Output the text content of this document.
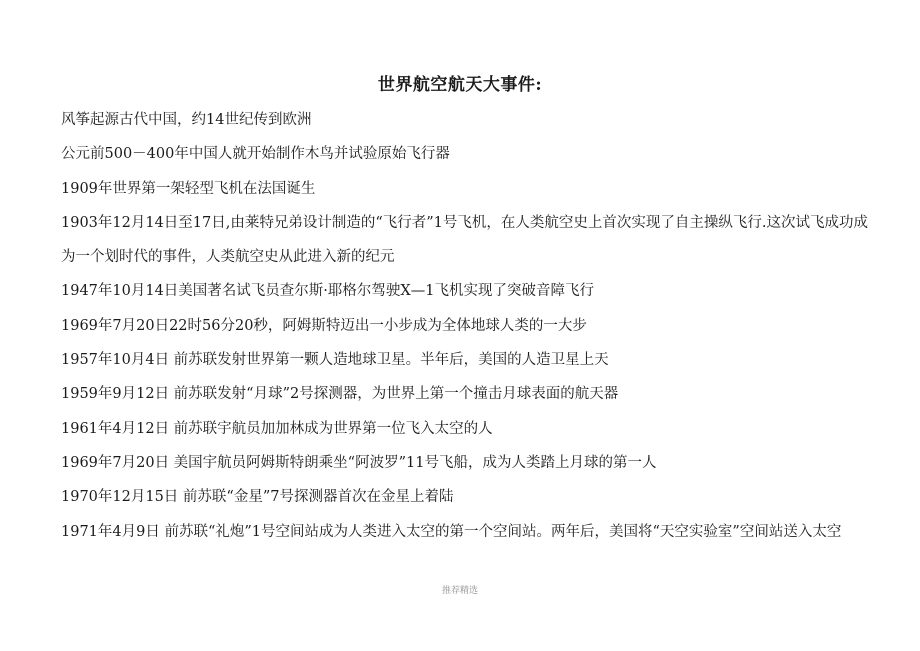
世界航空航天大事件:
风筝起源古代中国，约14世纪传到欧洲
公元前500－400年中国人就开始制作木鸟并试验原始飞行器
1909年世界第一架轻型飞机在法国诞生
1903年12月14日至17日,由莱特兄弟设计制造的“飞行者”1号飞机，在人类航空史上首次实现了自主操纵飞行.这次试飞成功成为一个划时代的事件，人类航空史从此进入新的纪元
1947年10月14日美国著名试飞员查尔斯·耶格尔驾驶X—1飞机实现了突破音障飞行
1969年7月20日22时56分20秒，阿姆斯特迈出一小步成为全体地球人类的一大步
1957年10月4日 前苏联发射世界第一颗人造地球卫星。半年后，美国的人造卫星上天
1959年9月12日 前苏联发射“月球”2号探测器，为世界上第一个撞击月球表面的航天器
1961年4月12日 前苏联宇航员加加林成为世界第一位飞入太空的人
1969年7月20日 美国宇航员阿姆斯特朗乘坐“阿波罗”11号飞船，成为人类踏上月球的第一人
1970年12月15日 前苏联“金星”7号探测器首次在金星上着陆
1971年4月9日 前苏联“礼炮”1号空间站成为人类进入太空的第一个空间站。两年后，美国将“天空实验室”空间站送入太空
推荐精选
